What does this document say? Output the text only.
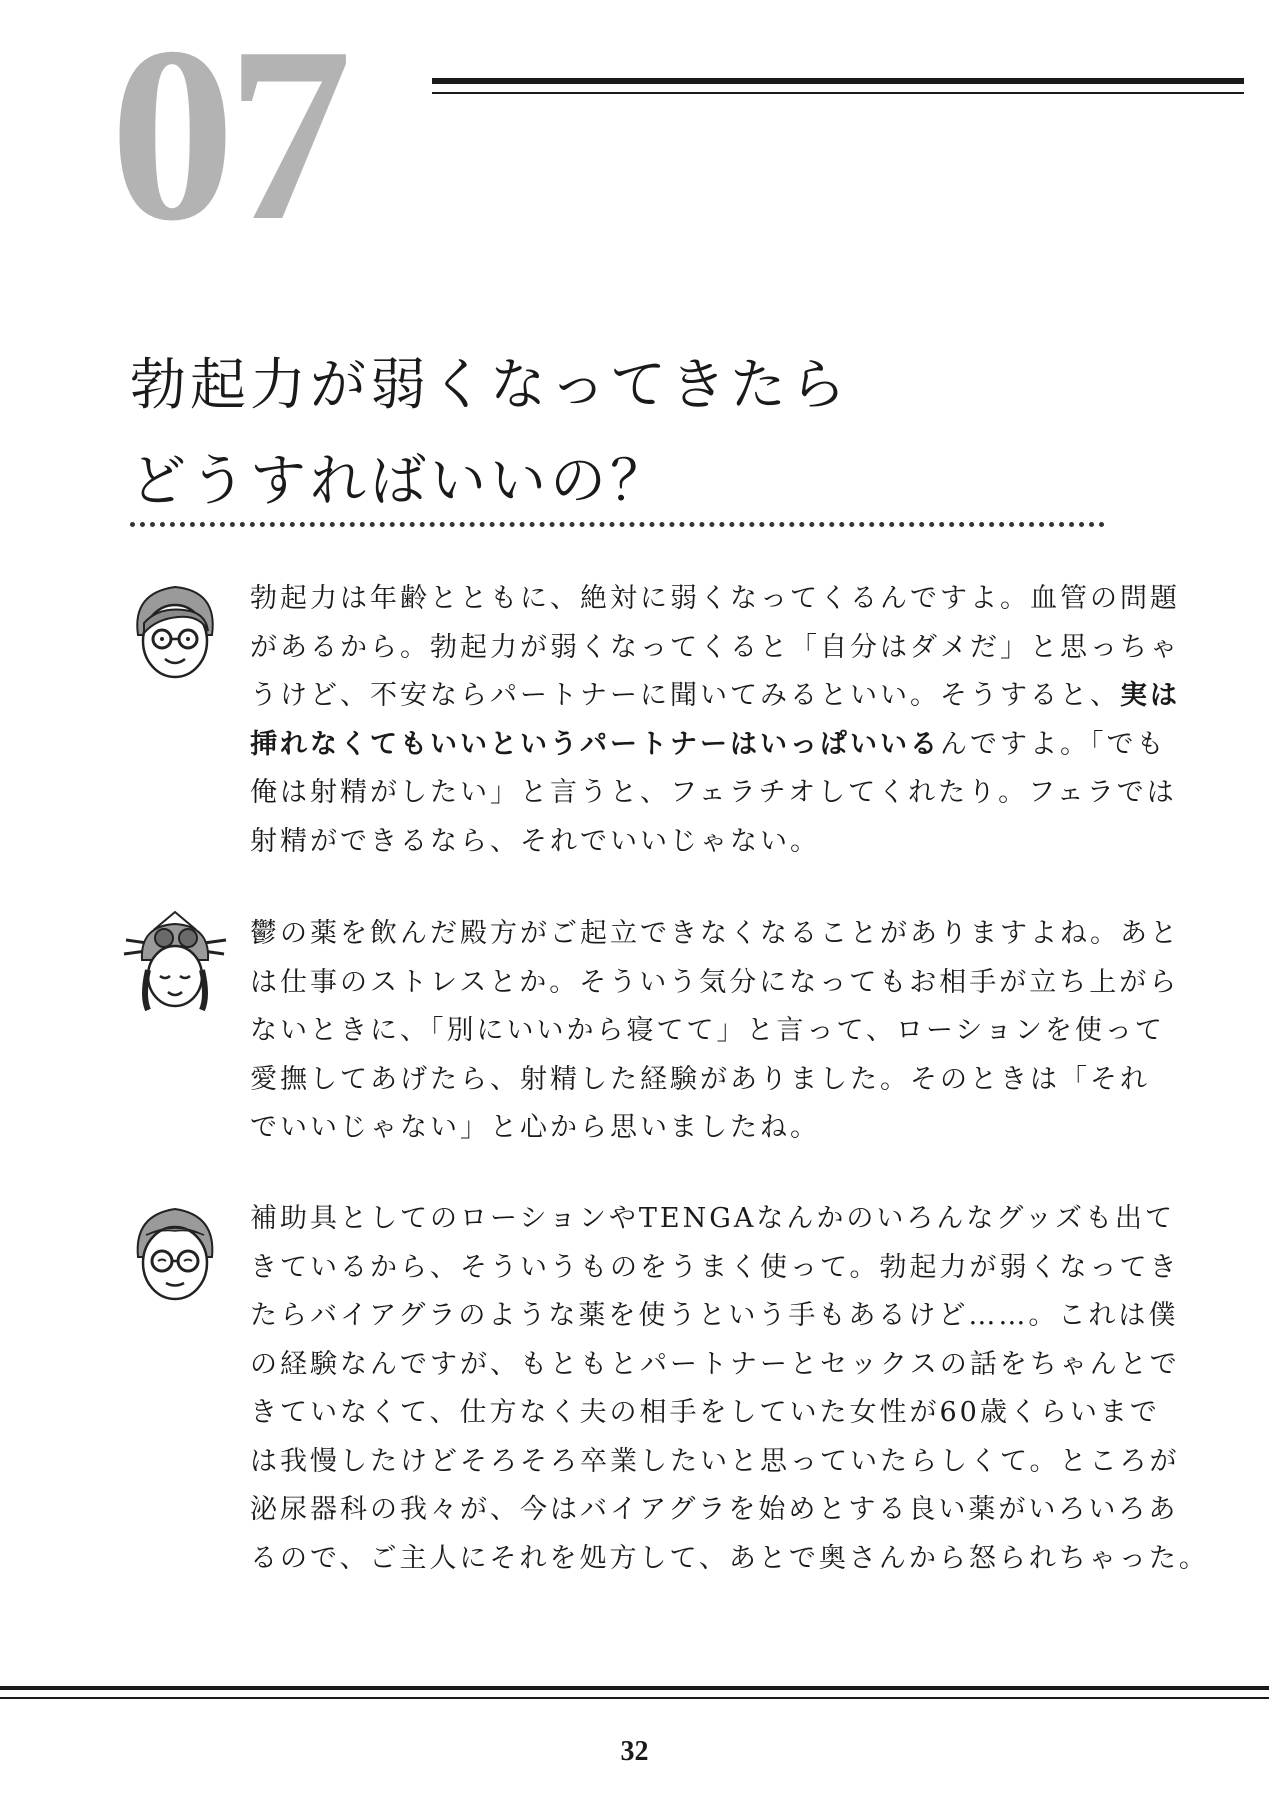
07
勃起力が弱くなってきたら
どうすればいいの？

勃起力は年齢とともに、絶対に弱くなってくるんですよ。血管の問題
があるから。勃起力が弱くなってくると「自分はダメだ」と思っちゃ
うけど、不安ならパートナーに聞いてみるといい。そうすると、実は
挿れなくてもいいというパートナーはいっぱいいるんですよ。「でも
俺は射精がしたい」と言うと、フェラチオしてくれたり。フェラでは
射精ができるなら、それでいいじゃない。

鬱の薬を飲んだ殿方がご起立できなくなることがありますよね。あと
は仕事のストレスとか。そういう気分になってもお相手が立ち上がら
ないときに、「別にいいから寝てて」と言って、ローションを使って
愛撫してあげたら、射精した経験がありました。そのときは「それ
でいいじゃない」と心から思いましたね。

補助具としてのローションやTENGAなんかのいろんなグッズも出て
きているから、そういうものをうまく使って。勃起力が弱くなってき
たらバイアグラのような薬を使うという手もあるけど……。これは僕
の経験なんですが、もともとパートナーとセックスの話をちゃんとで
きていなくて、仕方なく夫の相手をしていた女性が60歳くらいまで
は我慢したけどそろそろ卒業したいと思っていたらしくて。ところが
泌尿器科の我々が、今はバイアグラを始めとする良い薬がいろいろあ
るので、ご主人にそれを処方して、あとで奥さんから怒られちゃった。

32
